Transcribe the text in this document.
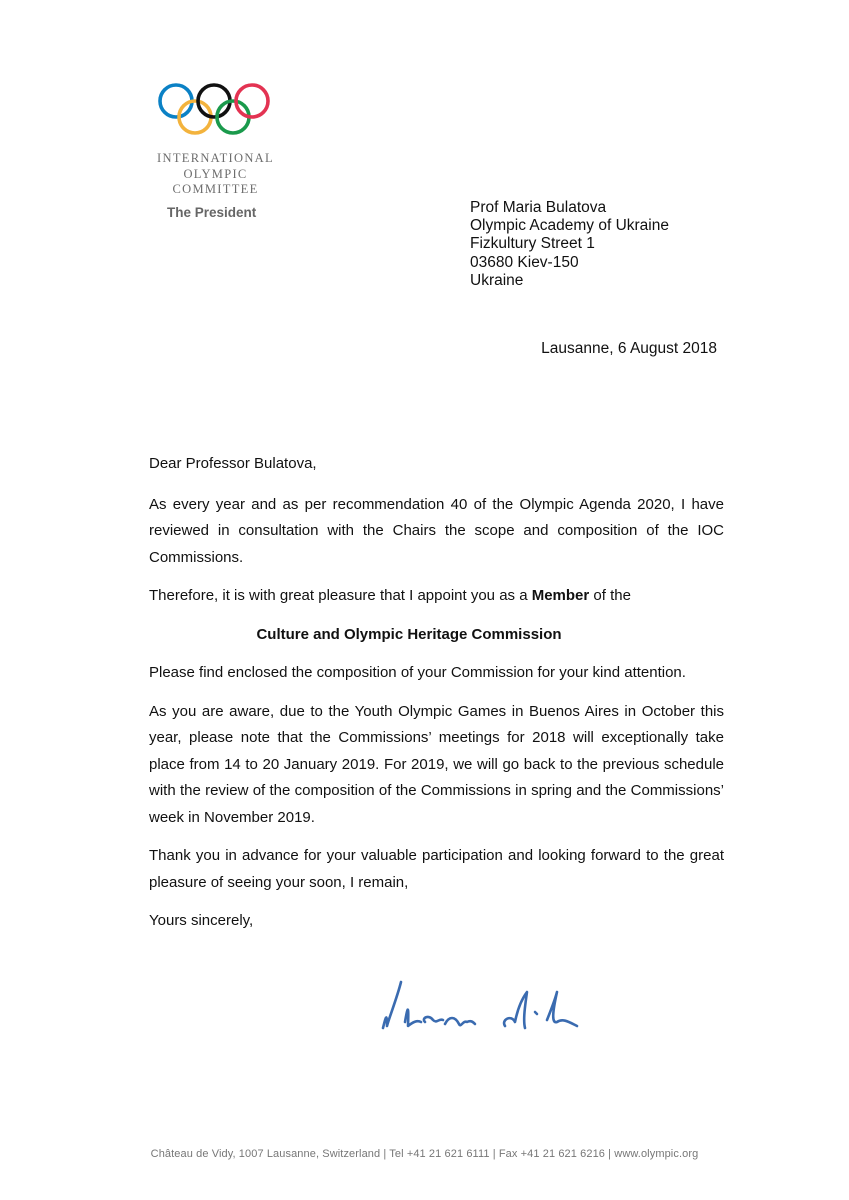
INTERNATIONAL
OLYMPIC
COMMITTEE
The President	Prof Maria Bulatova
Olympic Academy of Ukraine
Fizkultury Street 1
03680 Kiev-150
Ukraine
Lausanne, 6 August 2018

Dear Professor Bulatova,

As every year and as per recommendation 40 of the Olympic Agenda 2020, I have reviewed in consultation with the Chairs the scope and composition of the IOC Commissions.

Therefore, it is with great pleasure that I appoint you as a Member of the

Culture and Olympic Heritage Commission

Please find enclosed the composition of your Commission for your kind attention.

As you are aware, due to the Youth Olympic Games in Buenos Aires in October this year, please note that the Commissions’ meetings for 2018 will exceptionally take place from 14 to 20 January 2019. For 2019, we will go back to the previous schedule with the review of the composition of the Commissions in spring and the Commissions’ week in November 2019.

Thank you in advance for your valuable participation and looking forward to the great pleasure of seeing your soon, I remain,

Yours sincerely,

Château de Vidy, 1007 Lausanne, Switzerland | Tel +41 21 621 6111 | Fax +41 21 621 6216 | www.olympic.org
